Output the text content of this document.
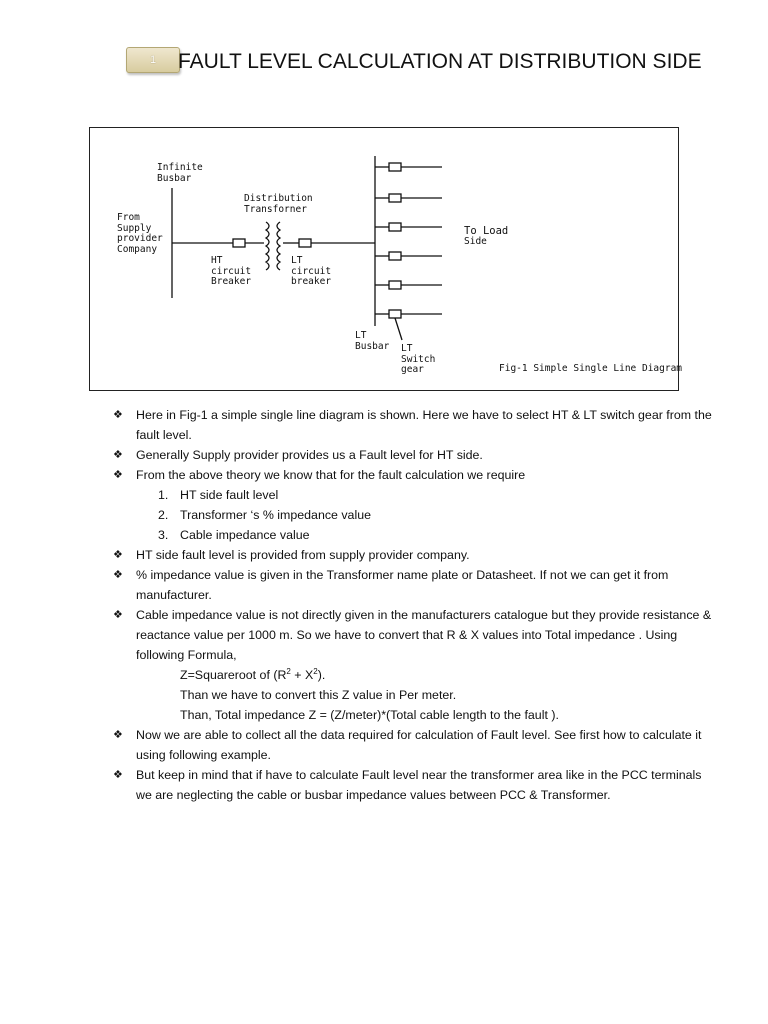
1	FAULT LEVEL CALCULATION AT DISTRIBUTION SIDE
Infinite
Busbar
Distribution
Transforner
From
Supply
provider
Company
HT
circuit
Breaker
LT
circuit
breaker
To Load
Side
LT
Busbar LT
Switch
gear	Fig-1 Simple Single Line Diagram
❖ Here in Fig-1 a simple single line diagram is shown. Here we have to select HT & LT switch gear from the fault level.
❖ Generally Supply provider provides us a Fault level for HT side.
❖ From the above theory we know that for the fault calculation we require
1. HT side fault level
2. Transformer ‘s % impedance value
3. Cable impedance value
❖ HT side fault level is provided from supply provider company.
❖ % impedance value is given in the Transformer name plate or Datasheet. If not we can get it from manufacturer.
❖ Cable impedance value is not directly given in the manufacturers catalogue but they provide resistance & reactance value per 1000 m. So we have to convert that R & X values into Total impedance . Using following Formula,
Z=Squareroot of $(R^2 + X^2)$.
Than we have to convert this Z value in Per meter.
Than, Total impedance Z = (Z/meter)*(Total cable length to the fault ).
❖ Now we are able to collect all the data required for calculation of Fault level. See first how to calculate it using following example.
❖ But keep in mind that if have to calculate Fault level near the transformer area like in the PCC terminals we are neglecting the cable or busbar impedance values between PCC & Transformer.
